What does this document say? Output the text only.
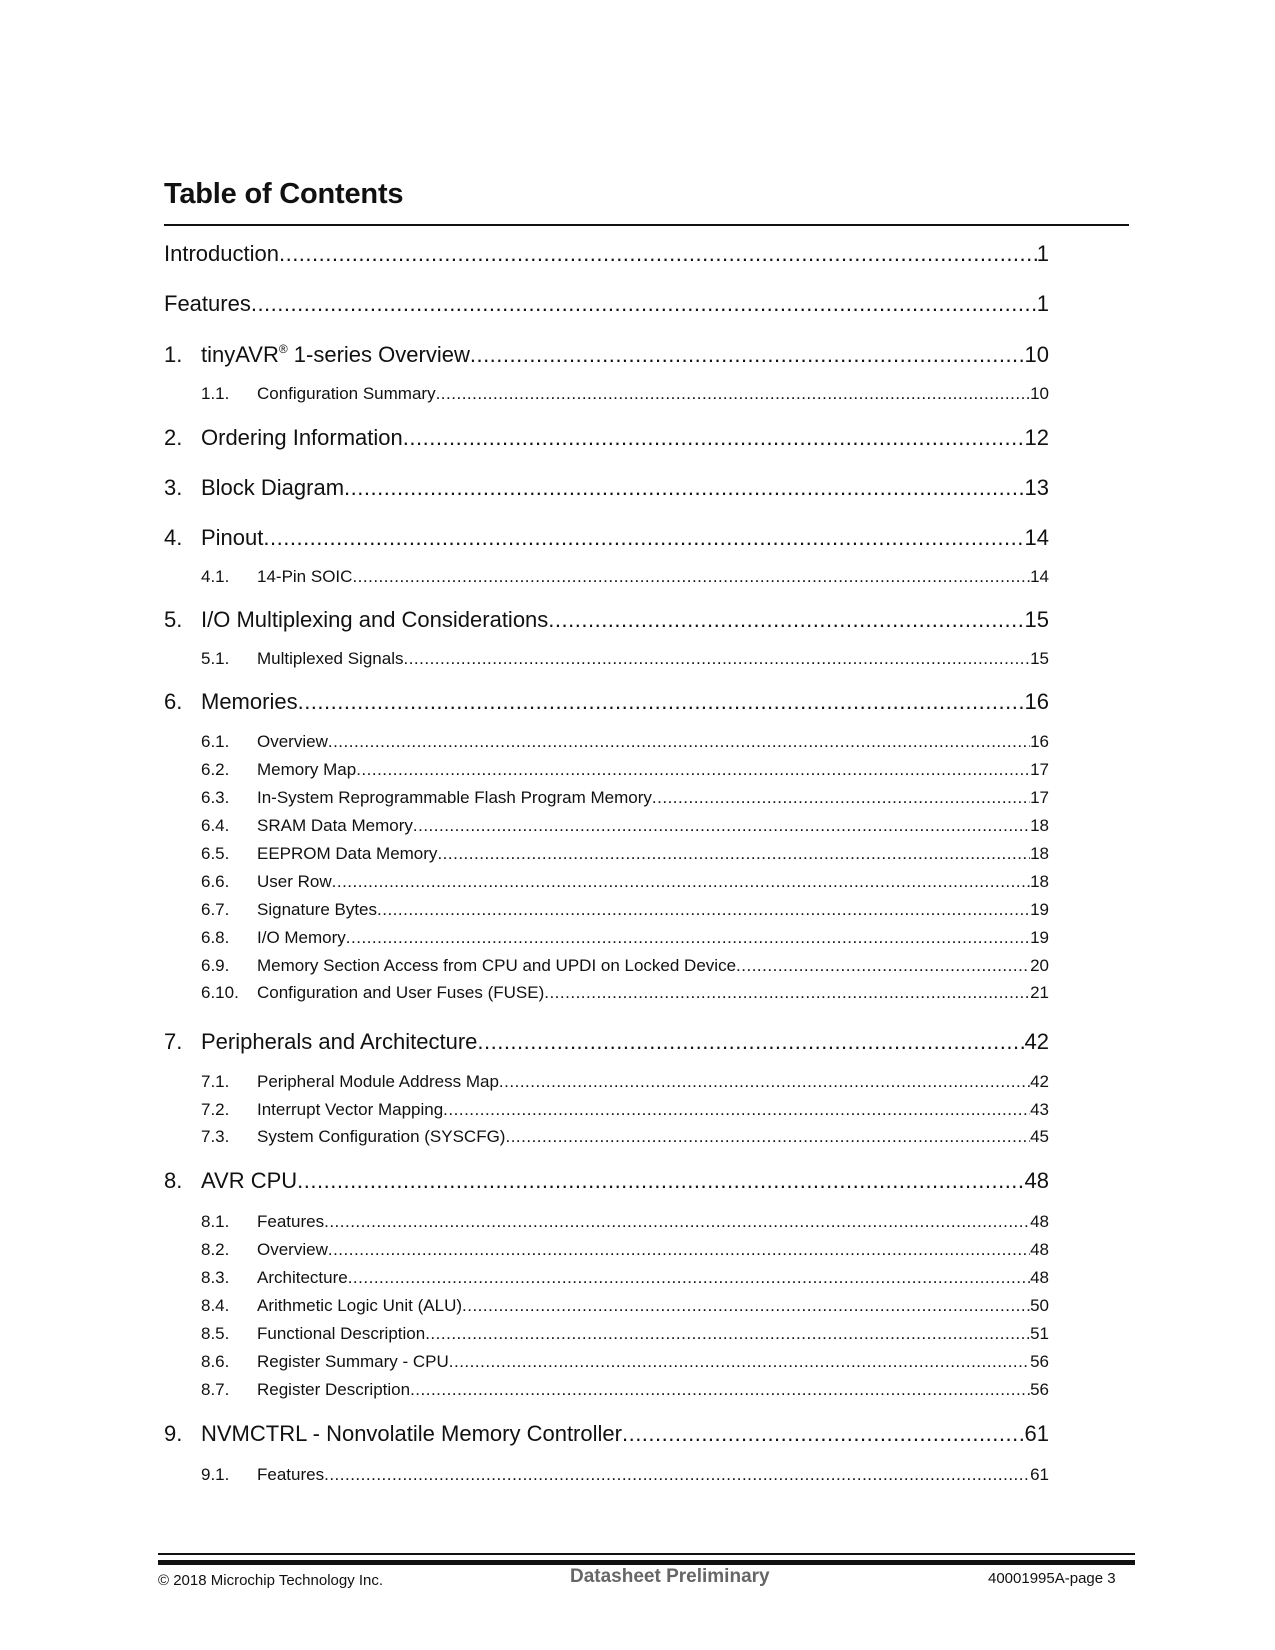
Table of Contents
Introduction .....	1
Features .....	1
1. tinyAVR® 1-series Overview .....	10
1.1.	Configuration Summary .....	10
2. Ordering Information .....	12
3. Block Diagram .....	13
4. Pinout .....	14
4.1.	14-Pin SOIC .....	14
5. I/O Multiplexing and Considerations .....	15
5.1.	Multiplexed Signals .....	15
6. Memories .....	16
6.1.	Overview .....	16
6.2.	Memory Map .....	17
6.3.	In-System Reprogrammable Flash Program Memory .....	17
6.4.	SRAM Data Memory .....	18
6.5.	EEPROM Data Memory .....	18
6.6.	User Row .....	18
6.7.	Signature Bytes .....	19
6.8.	I/O Memory .....	19
6.9.	Memory Section Access from CPU and UPDI on Locked Device .....	20
6.10.	Configuration and User Fuses (FUSE) .....	21
7. Peripherals and Architecture .....	42
7.1.	Peripheral Module Address Map .....	42
7.2.	Interrupt Vector Mapping .....	43
7.3.	System Configuration (SYSCFG) .....	45
8. AVR CPU .....	48
8.1.	Features .....	48
8.2.	Overview .....	48
8.3.	Architecture .....	48
8.4.	Arithmetic Logic Unit (ALU) .....	50
8.5.	Functional Description .....	51
8.6.	Register Summary - CPU .....	56
8.7.	Register Description .....	56
9. NVMCTRL - Nonvolatile Memory Controller .....	61
9.1.	Features .....	61
© 2018 Microchip Technology Inc.	Datasheet Preliminary	40001995A-page 3
